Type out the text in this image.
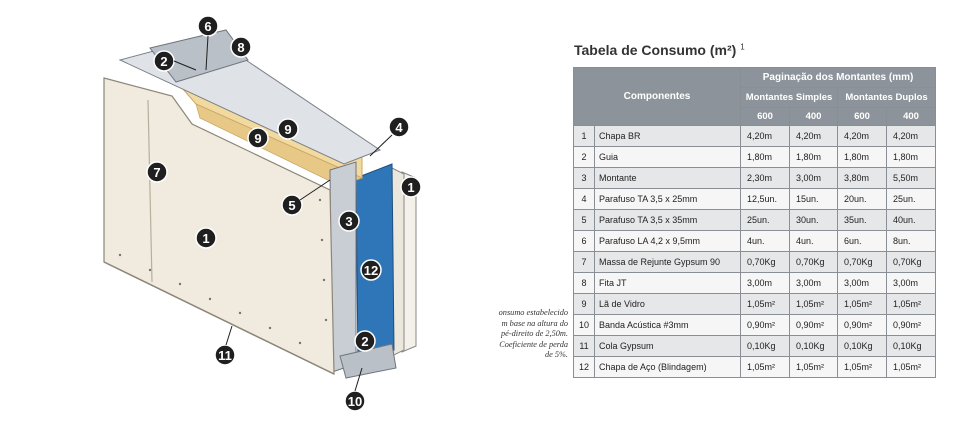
6
8
2
9
9
4
7
1
5
3
1
12
2
11
10
onsumo estabelecido
m base na altura do
pé-direito de 2,50m.
Coeficiente de perda
de 5%.
Tabela de Consumo (m²) $^1$
Componentes		Paginação dos Montantes (mm)			
		Montantes Simples		Montantes Duplos	
		600	400	600	400
1	Chapa BR	4,20m	4,20m	4,20m	4,20m
2	Guia	1,80m	1,80m	1,80m	1,80m
3	Montante	2,30m	3,00m	3,80m	5,50m
4	Parafuso TA 3,5 x 25mm	12,5un.	15un.	20un.	25un.
5	Parafuso TA 3,5 x 35mm	25un.	30un.	35un.	40un.
6	Parafuso LA 4,2 x 9,5mm	4un.	4un.	6un.	8un.
7	Massa de Rejunte Gypsum 90	0,70Kg	0,70Kg	0,70Kg	0,70Kg
8	Fita JT	3,00m	3,00m	3,00m	3,00m
9	Lã de Vidro	1,05m²	1,05m²	1,05m²	1,05m²
10	Banda Acústica #3mm	0,90m²	0,90m²	0,90m²	0,90m²
11	Cola Gypsum	0,10Kg	0,10Kg	0,10Kg	0,10Kg
12	Chapa de Aço (Blindagem)	1,05m²	1,05m²	1,05m²	1,05m²
